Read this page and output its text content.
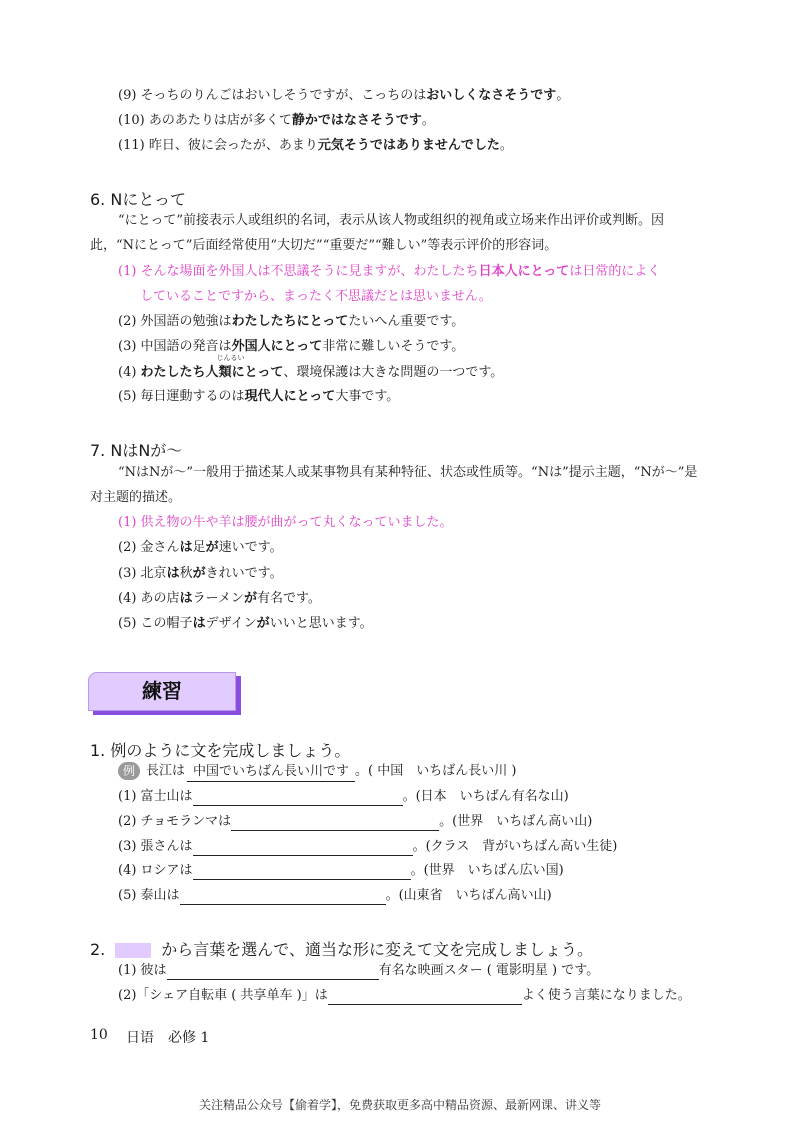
(9) そっちのりんごはおいしそうですが、こっちのはおいしくなさそうです。
(10) あのあたりは店が多くて静かではなさそうです。
(11) 昨日、彼に会ったが、あまり元気そうではありませんでした。
6. Nにとって
“にとって”前接表示人或组织的名词，表示从该人物或组织的视角或立场来作出评价或判断。因此，“Nにとって”后面经常使用“大切だ”“重要だ”“難しい”等表示评价的形容词。
(1) そんな場面を外国人は不思議そうに見ますが、わたしたち日本人にとっては日常的によく
していることですから、まったく不思議だとは思いません。
(2) 外国語の勉強はわたしたちにとってたいへん重要です。
(3) 中国語の発音は外国人にとって非常に難しいそうです。
(4) わたしたち人
じんるい
類にとって、環境保護は大きな問題の一つです。
(5) 毎日運動するのは現代人にとって大事です。
7. NはNが～
“NはNが～”一般用于描述某人或某事物具有某种特征、状态或性质等。“Nは”提示主题，“Nが～”是对主题的描述。
(1) 供え物の牛や羊は腰が曲がって丸くなっていました。
(2) 金さんは足が速いです。
(3) 北京は秋がきれいです。
(4) あの店はラーメンが有名です。
(5) この帽子はデザインがいいと思います。
練習
1. 例のように文を完成しましょう。
例 長江は 中国でいちばん長い川です 。( 中国　いちばん長い川 )
(1) 富士山は	。(日本　いちばん有名な山)
(2) チョモランマは	。(世界　いちばん高い山)
(3) 張さんは	。(クラス　背がいちばん高い生徒)
(4) ロシアは	。(世界　いちばん広い国)
(5) 泰山は	。(山東省　いちばん高い山)
2.	から言葉を選んで、適当な形に変えて文を完成しましょう。
(1) 彼は	有名な映画スター ( 電影明星 ) です。
(2)「シェア自転車 ( 共享单车 )」は	よく使う言葉になりました。
10 日语　必修 1
关注精品公众号【偷着学】，免费获取更多高中精品资源、最新网课、讲义等
